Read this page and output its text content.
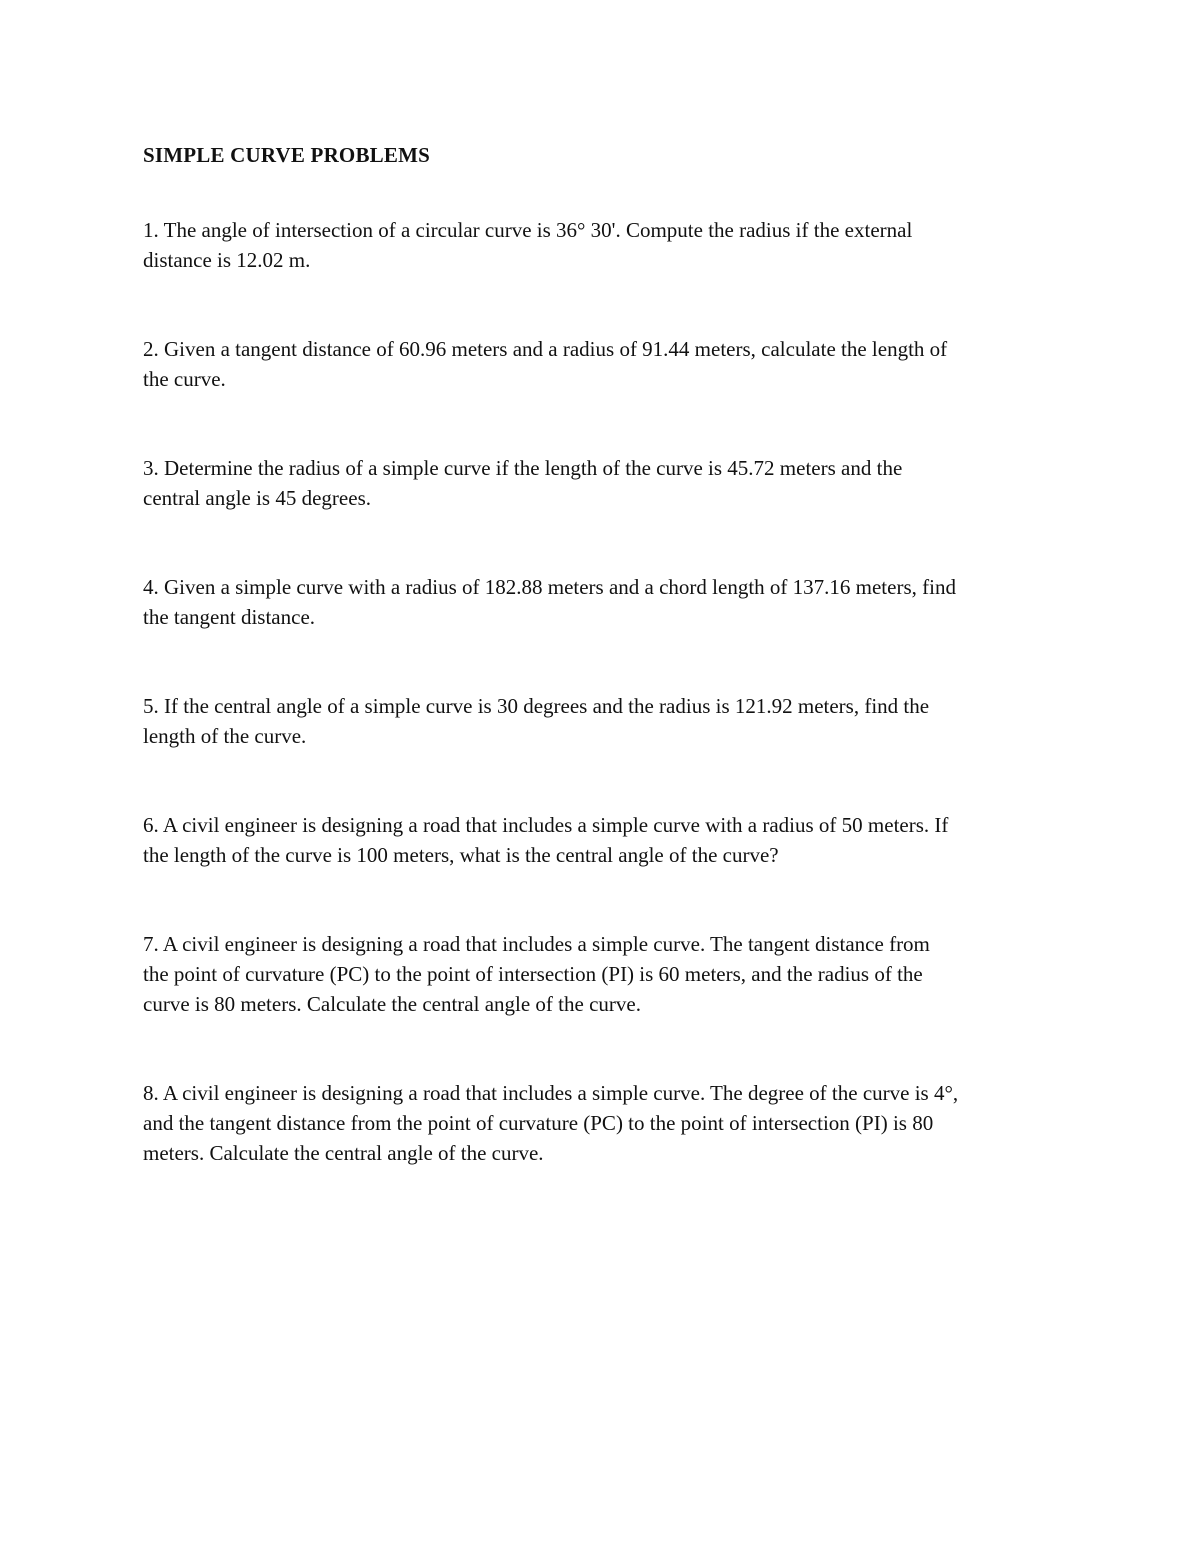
SIMPLE CURVE PROBLEMS

1. The angle of intersection of a circular curve is 36° 30'. Compute the radius if the external
distance is 12.02 m.

2. Given a tangent distance of 60.96 meters and a radius of 91.44 meters, calculate the length of
the curve.

3. Determine the radius of a simple curve if the length of the curve is 45.72 meters and the
central angle is 45 degrees.

4. Given a simple curve with a radius of 182.88 meters and a chord length of 137.16 meters, find
the tangent distance.

5. If the central angle of a simple curve is 30 degrees and the radius is 121.92 meters, find the
length of the curve.

6. A civil engineer is designing a road that includes a simple curve with a radius of 50 meters. If
the length of the curve is 100 meters, what is the central angle of the curve?

7. A civil engineer is designing a road that includes a simple curve. The tangent distance from
the point of curvature (PC) to the point of intersection (PI) is 60 meters, and the radius of the
curve is 80 meters. Calculate the central angle of the curve.

8. A civil engineer is designing a road that includes a simple curve. The degree of the curve is 4°,
and the tangent distance from the point of curvature (PC) to the point of intersection (PI) is 80
meters. Calculate the central angle of the curve.
